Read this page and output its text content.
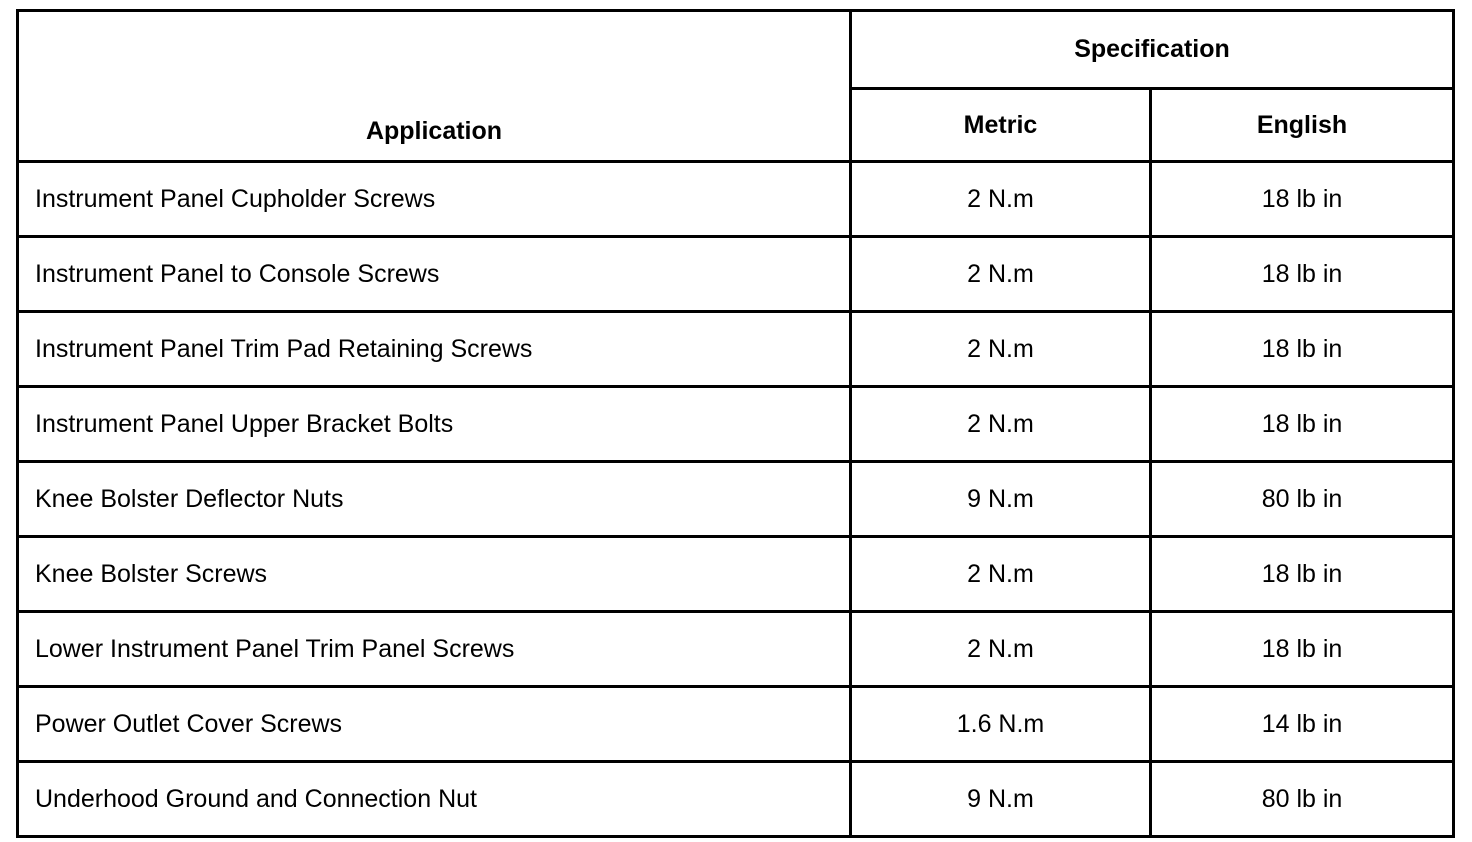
Application	Specification	
	Metric	English
Instrument Panel Cupholder Screws	2 N.m	18 lb in
Instrument Panel to Console Screws	2 N.m	18 lb in
Instrument Panel Trim Pad Retaining Screws	2 N.m	18 lb in
Instrument Panel Upper Bracket Bolts	2 N.m	18 lb in
Knee Bolster Deflector Nuts	9 N.m	80 lb in
Knee Bolster Screws	2 N.m	18 lb in
Lower Instrument Panel Trim Panel Screws	2 N.m	18 lb in
Power Outlet Cover Screws	1.6 N.m	14 lb in
Underhood Ground and Connection Nut	9 N.m	80 lb in
